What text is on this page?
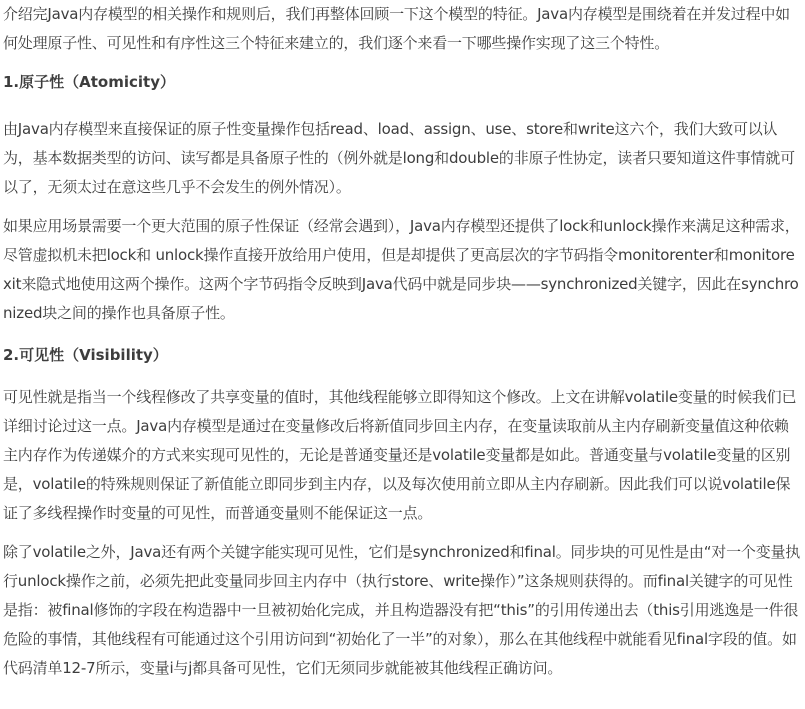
介绍完Java内存模型的相关操作和规则后，我们再整体回顾一下这个模型的特征。Java内存模型是围绕着在并发过程中如何处理原子性、可见性和有序性这三个特征来建立的，我们逐个来看一下哪些操作实现了这三个特性。

1.原子性（Atomicity）

由Java内存模型来直接保证的原子性变量操作包括read、load、assign、use、store和write这六个，我们大致可以认为，基本数据类型的访问、读写都是具备原子性的（例外就是long和double的非原子性协定，读者只要知道这件事情就可以了，无须太过在意这些几乎不会发生的例外情况）。

如果应用场景需要一个更大范围的原子性保证（经常会遇到），Java内存模型还提供了lock和unlock操作来满足这种需求，尽管虚拟机未把lock和 unlock操作直接开放给用户使用，但是却提供了更高层次的字节码指令monitorenter和monitorexit来隐式地使用这两个操作。这两个字节码指令反映到Java代码中就是同步块——synchronized关键字，因此在synchronized块之间的操作也具备原子性。

2.可见性（Visibility）

可见性就是指当一个线程修改了共享变量的值时，其他线程能够立即得知这个修改。上文在讲解volatile变量的时候我们已详细讨论过这一点。Java内存模型是通过在变量修改后将新值同步回主内存，在变量读取前从主内存刷新变量值这种依赖主内存作为传递媒介的方式来实现可见性的，无论是普通变量还是volatile变量都是如此。普通变量与volatile变量的区别是，volatile的特殊规则保证了新值能立即同步到主内存，以及每次使用前立即从主内存刷新。因此我们可以说volatile保证了多线程操作时变量的可见性，而普通变量则不能保证这一点。

除了volatile之外，Java还有两个关键字能实现可见性，它们是synchronized和final。同步块的可见性是由“对一个变量执行unlock操作之前，必须先把此变量同步回主内存中（执行store、write操作）”这条规则获得的。而final关键字的可见性是指：被final修饰的字段在构造器中一旦被初始化完成，并且构造器没有把“this”的引用传递出去（this引用逃逸是一件很危险的事情，其他线程有可能通过这个引用访问到“初始化了一半”的对象），那么在其他线程中就能看见final字段的值。如代码清单12-7所示，变量i与j都具备可见性，它们无须同步就能被其他线程正确访问。
